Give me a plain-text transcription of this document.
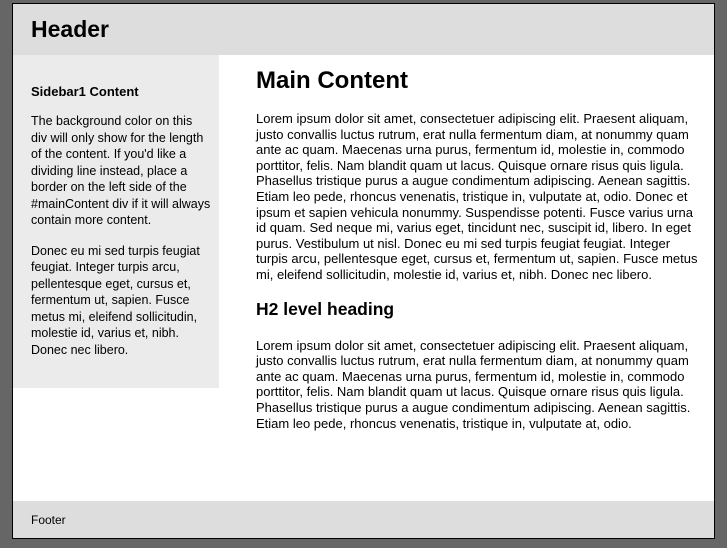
Header
Sidebar1 Content

The background color on this div will only show for the length of the content. If you'd like a dividing line instead, place a border on the left side of the #mainContent div if it will always contain more content.

Donec eu mi sed turpis feugiat feugiat. Integer turpis arcu, pellentesque eget, cursus et, fermentum ut, sapien. Fusce metus mi, eleifend sollicitudin, molestie id, varius et, nibh. Donec nec libero.

Main Content

Lorem ipsum dolor sit amet, consectetuer adipiscing elit. Praesent aliquam, justo convallis luctus rutrum, erat nulla fermentum diam, at nonummy quam ante ac quam. Maecenas urna purus, fermentum id, molestie in, commodo porttitor, felis. Nam blandit quam ut lacus. Quisque ornare risus quis ligula. Phasellus tristique purus a augue condimentum adipiscing. Aenean sagittis. Etiam leo pede, rhoncus venenatis, tristique in, vulputate at, odio. Donec et ipsum et sapien vehicula nonummy. Suspendisse potenti. Fusce varius urna id quam. Sed neque mi, varius eget, tincidunt nec, suscipit id, libero. In eget purus. Vestibulum ut nisl. Donec eu mi sed turpis feugiat feugiat. Integer turpis arcu, pellentesque eget, cursus et, fermentum ut, sapien. Fusce metus mi, eleifend sollicitudin, molestie id, varius et, nibh. Donec nec libero.

H2 level heading

Lorem ipsum dolor sit amet, consectetuer adipiscing elit. Praesent aliquam, justo convallis luctus rutrum, erat nulla fermentum diam, at nonummy quam ante ac quam. Maecenas urna purus, fermentum id, molestie in, commodo porttitor, felis. Nam blandit quam ut lacus. Quisque ornare risus quis ligula. Phasellus tristique purus a augue condimentum adipiscing. Aenean sagittis. Etiam leo pede, rhoncus venenatis, tristique in, vulputate at, odio.

Footer
